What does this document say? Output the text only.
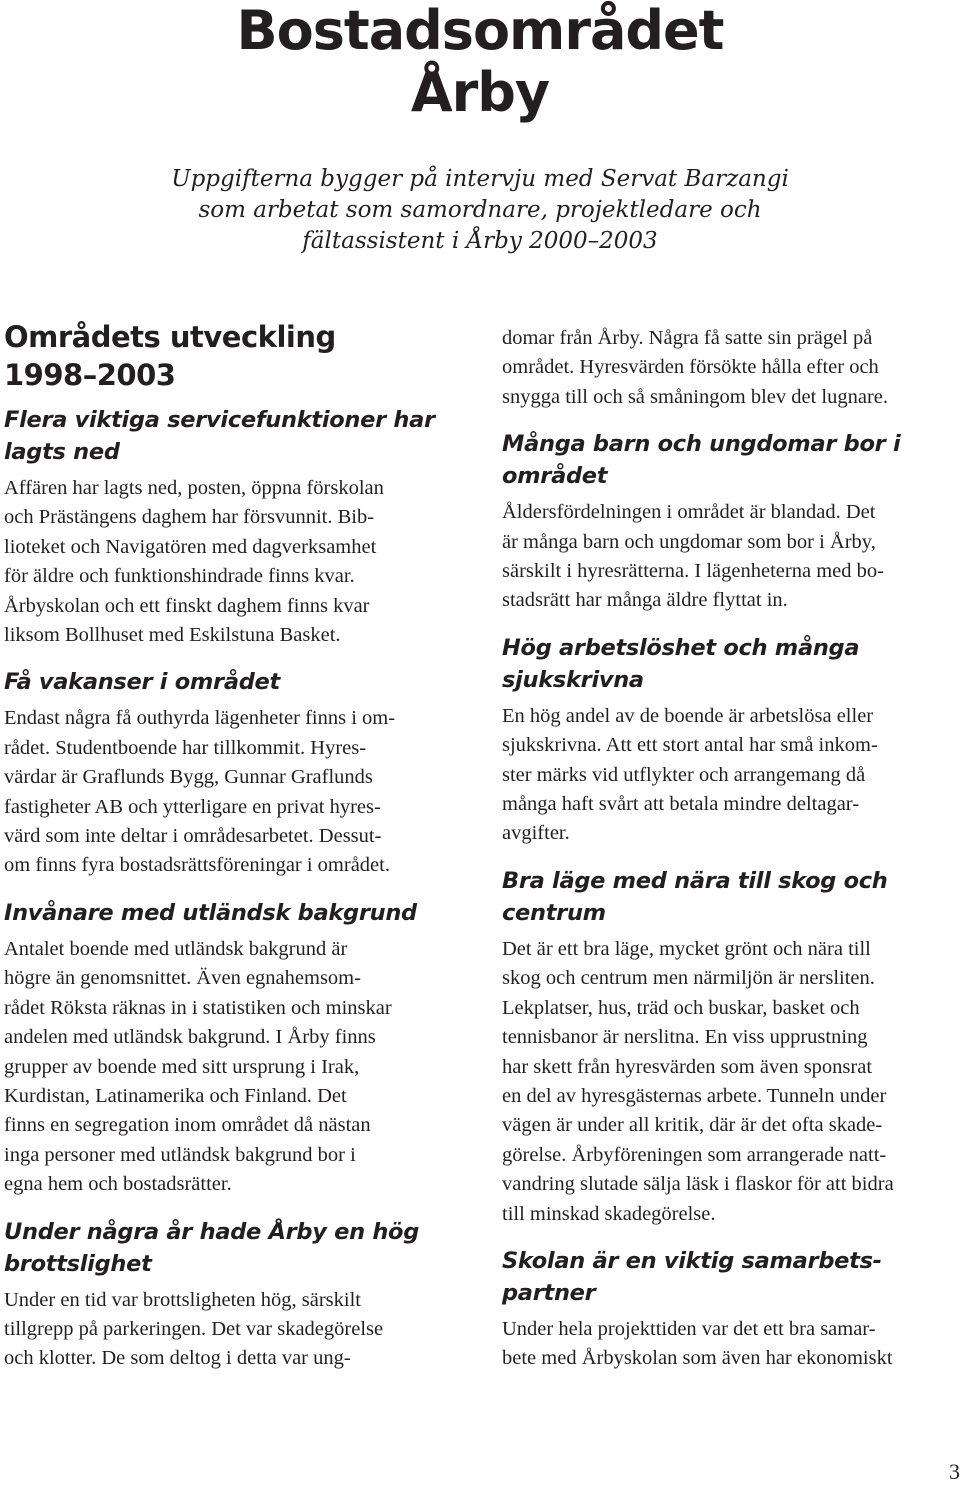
Bostadsområdet
Årby
Uppgifterna bygger på intervju med Servat Barzangi
som arbetat som samordnare, projektledare och
fältassistent i Årby 2000–2003
Områdets utveckling
1998–2003
Flera viktiga servicefunktioner har
lagts ned
Affären har lagts ned, posten, öppna förskolan
och Prästängens daghem har försvunnit. Bib-
lioteket och Navigatören med dagverksamhet
för äldre och funktionshindrade finns kvar.
Årbyskolan och ett finskt daghem finns kvar
liksom Bollhuset med Eskilstuna Basket.
Få vakanser i området
Endast några få outhyrda lägenheter finns i om-
rådet. Studentboende har tillkommit. Hyres-
värdar är Graflunds Bygg, Gunnar Graflunds
fastigheter AB och ytterligare en privat hyres-
värd som inte deltar i områdesarbetet. Dessut-
om finns fyra bostadsrättsföreningar i området.
Invånare med utländsk bakgrund
Antalet boende med utländsk bakgrund är
högre än genomsnittet. Även egnahemsom-
rådet Röksta räknas in i statistiken och minskar
andelen med utländsk bakgrund. I Årby finns
grupper av boende med sitt ursprung i Irak,
Kurdistan, Latinamerika och Finland. Det
finns en segregation inom området då nästan
inga personer med utländsk bakgrund bor i
egna hem och bostadsrätter.
Under några år hade Årby en hög
brottslighet
Under en tid var brottsligheten hög, särskilt
tillgrepp på parkeringen. Det var skadegörelse
och klotter. De som deltog i detta var ung-
domar från Årby. Några få satte sin prägel på
området. Hyresvärden försökte hålla efter och
snygga till och så småningom blev det lugnare.
Många barn och ungdomar bor i
området
Åldersfördelningen i området är blandad. Det
är många barn och ungdomar som bor i Årby,
särskilt i hyresrätterna. I lägenheterna med bo-
stadsrätt har många äldre flyttat in.
Hög arbetslöshet och många
sjukskrivna
En hög andel av de boende är arbetslösa eller
sjukskrivna. Att ett stort antal har små inkom-
ster märks vid utflykter och arrangemang då
många haft svårt att betala mindre deltagar-
avgifter.
Bra läge med nära till skog och
centrum
Det är ett bra läge, mycket grönt och nära till
skog och centrum men närmiljön är nersliten.
Lekplatser, hus, träd och buskar, basket och
tennisbanor är nerslitna. En viss upprustning
har skett från hyresvärden som även sponsrat
en del av hyresgästernas arbete. Tunneln under
vägen är under all kritik, där är det ofta skade-
görelse. Årbyföreningen som arrangerade natt-
vandring slutade sälja läsk i flaskor för att bidra
till minskad skadegörelse.
Skolan är en viktig samarbets-
partner
Under hela projekttiden var det ett bra samar-
bete med Årbyskolan som även har ekonomiskt
3
